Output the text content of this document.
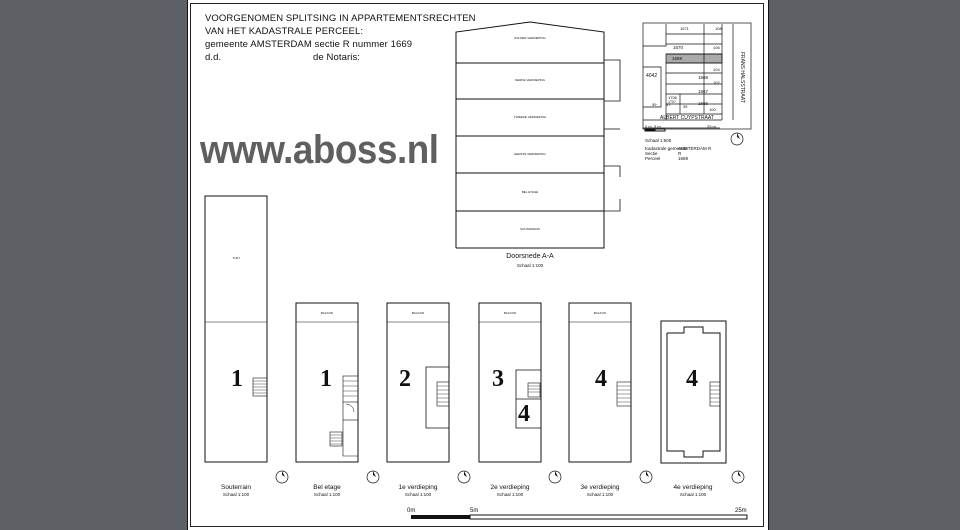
VOORGENOMEN SPLITSING IN APPARTEMENTSRECHTEN
VAN HET KADASTRALE PERCEEL:
gemeente AMSTERDAM sectie R nummer 1669
d.d.	de Notaris:
www.aboss.nl
ZOLDER VERDIEPING
DERDE VERDIEPING
TWEEDE VERDIEPING
EERSTE VERDIEPING
BEL ETAGE
SOUTERRAIN
Doorsnede A-A
Schaal 1:100
1671
1670
1669
1668
1667
1666
4042
1706
1707
39 37	35
108
106
104
102
100
FRANS HALSSTRAAT
ALBERT CUYPSTRAAT
0 m 5 m	25 m
Schaal 1:500
Kadastrale gemeente
AMSTERDAM R
Sectie	R
Perceel	1669
TUIN
BALKON	BALKON	BALKON	BALKON
1	1	2	3
4
4	4
Souterrain
Schaal 1:100
Bel etage
Schaal 1:100
1e verdieping
Schaal 1:100
2e verdieping
Schaal 1:100
3e verdieping
Schaal 1:100
4e verdieping
Schaal 1:100
0m	5m	25m
